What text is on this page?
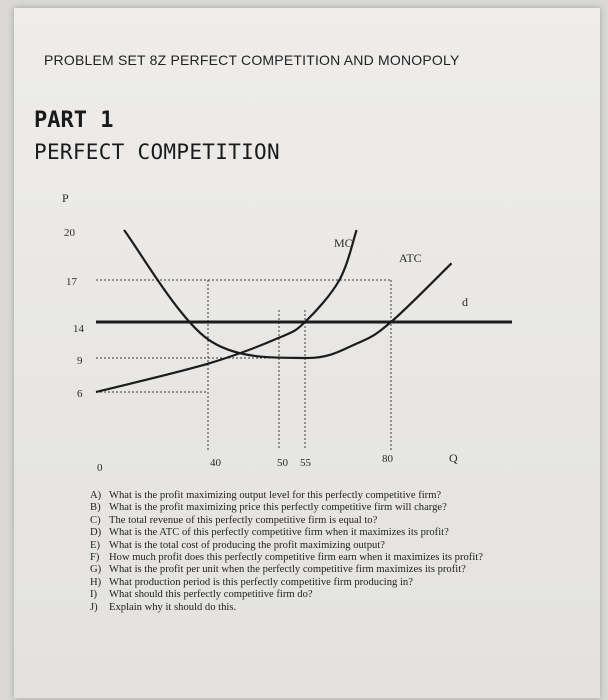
PROBLEM SET 8Z PERFECT COMPETITION AND MONOPOLY
PART 1
PERFECT COMPETITION
P
20
17
14
9
6
0	40	50 55	80	Q
MC
ATC
d
A) What is the profit maximizing output level for this perfectly competitive firm?
B) What is the profit maximizing price this perfectly competitive firm will charge?
C) The total revenue of this perfectly competitive firm is equal to?
D) What is the ATC of this perfectly competitive firm when it maximizes its profit?
E) What is the total cost of producing the profit maximizing output?
F) How much profit does this perfectly competitive firm earn when it maximizes its profit?
G) What is the profit per unit when the perfectly competitive firm maximizes its profit?
H) What production period is this perfectly competitive firm producing in?
I)	What should this perfectly competitive firm do?
J)	Explain why it should do this.
